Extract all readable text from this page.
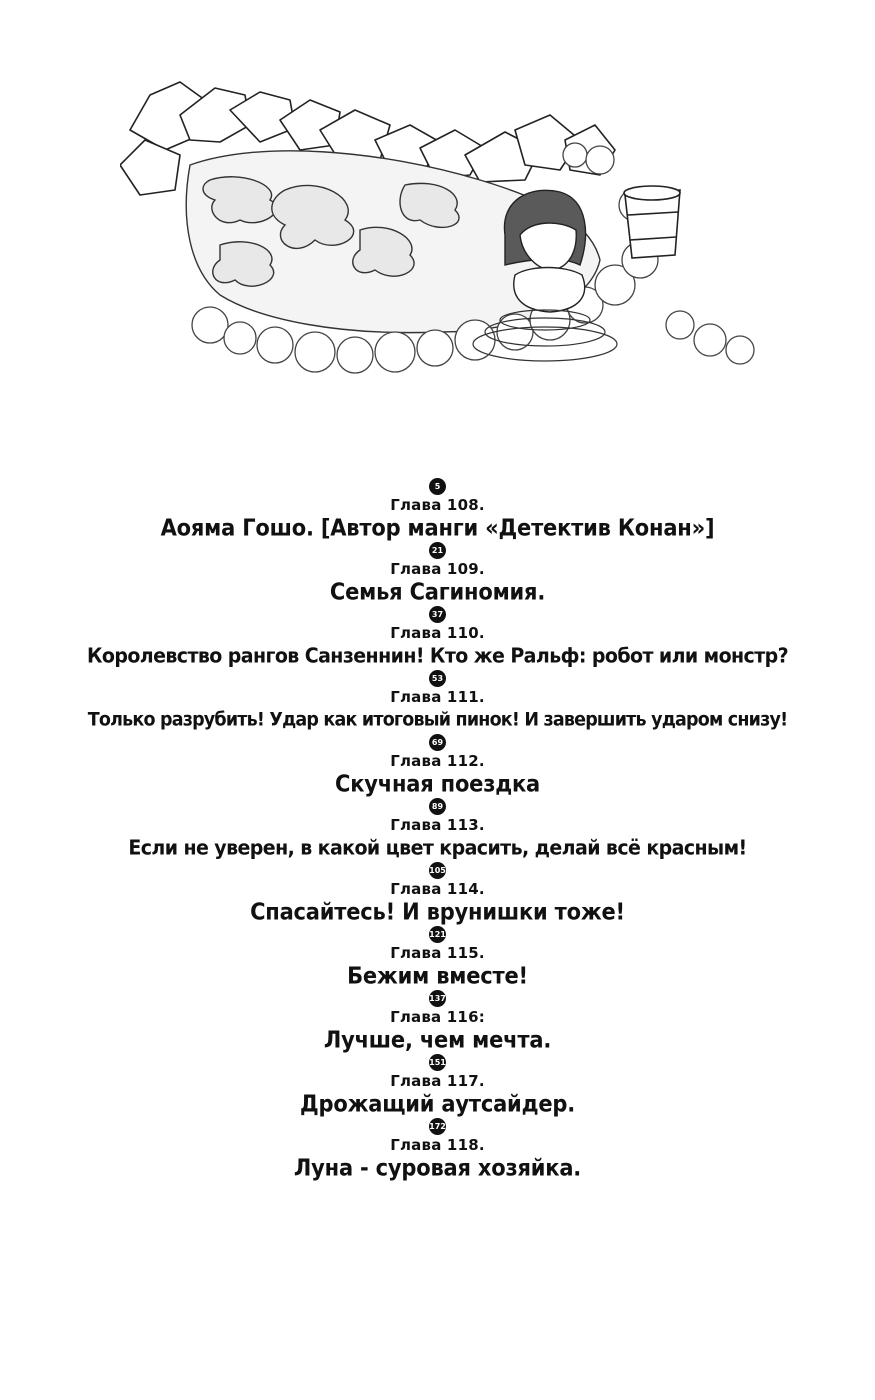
5
Глава 108.
Аояма Гошо. [Автор манги «Детектив Конан»]
21
Глава 109.
Семья Сагиномия.
37
Глава 110.
Королевство рангов Санзеннин! Кто же Ральф: робот или монстр?
53
Глава 111.
Только разрубить! Удар как итоговый пинок! И завершить ударом снизу!
69
Глава 112.
Скучная поездка
89
Глава 113.
Если не уверен, в какой цвет красить, делай всё красным!
105
Глава 114.
Спасайтесь! И врунишки тоже!
121
Глава 115.
Бежим вместе!
137
Глава 116:
Лучше, чем мечта.
151
Глава 117.
Дрожащий аутсайдер.
172
Глава 118.
Луна - суровая хозяйка.
